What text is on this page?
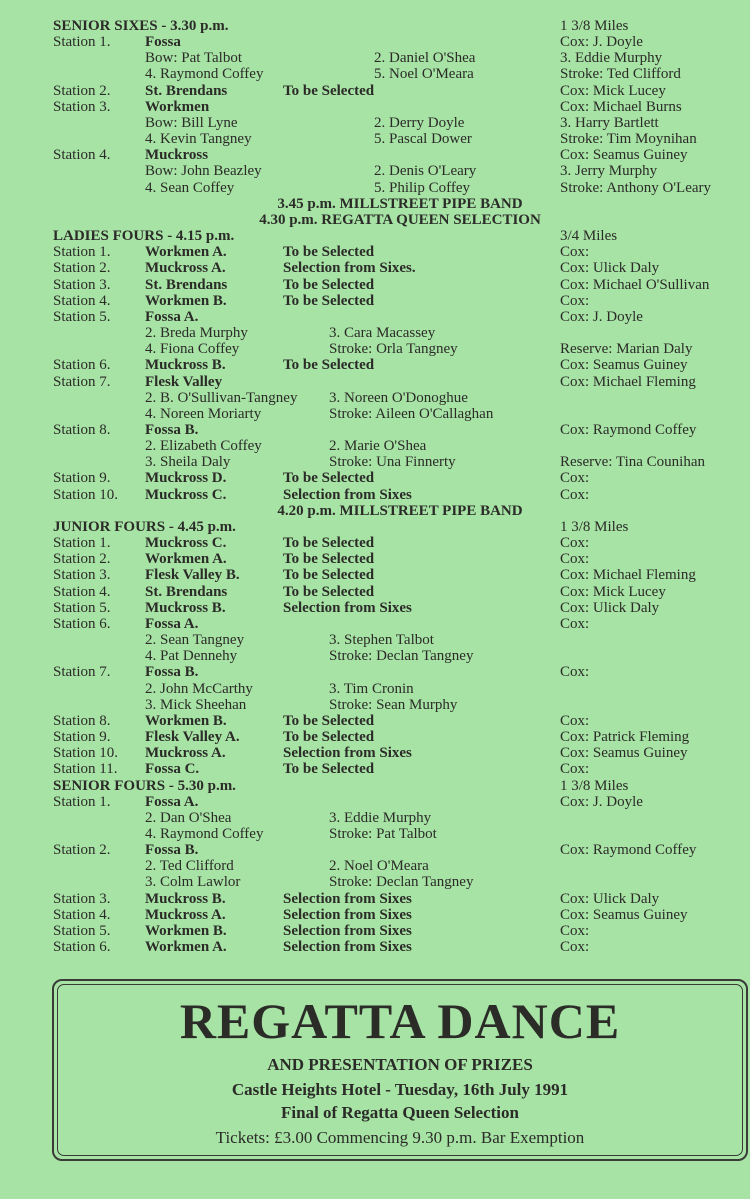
SENIOR SIXES - 3.30 p.m.	1 3/8 Miles
Station 1. Fossa	Cox: J. Doyle
Bow: Pat Talbot	2. Daniel O'Shea	3. Eddie Murphy
4. Raymond Coffey	5. Noel O'Meara	Stroke: Ted Clifford
Station 2. St. Brendans	To be Selected	Cox: Mick Lucey
Station 3. Workmen	Cox: Michael Burns
Bow: Bill Lyne	2. Derry Doyle	3. Harry Bartlett
4. Kevin Tangney	5. Pascal Dower	Stroke: Tim Moynihan
Station 4. Muckross	Cox: Seamus Guiney
Bow: John Beazley	2. Denis O'Leary	3. Jerry Murphy
4. Sean Coffey	5. Philip Coffey	Stroke: Anthony O'Leary
3.45 p.m. MILLSTREET PIPE BAND
4.30 p.m. REGATTA QUEEN SELECTION
LADIES FOURS - 4.15 p.m.	3/4 Miles
Station 1. Workmen A.	To be Selected	Cox:
Station 2. Muckross A.	Selection from Sixes.	Cox: Ulick Daly
Station 3. St. Brendans	To be Selected	Cox: Michael O'Sullivan
Station 4. Workmen B.	To be Selected	Cox:
Station 5. Fossa A.	Cox: J. Doyle
2. Breda Murphy	3. Cara Macassey
4. Fiona Coffey	Stroke: Orla Tangney	Reserve: Marian Daly
Station 6. Muckross B.	To be Selected	Cox: Seamus Guiney
Station 7. Flesk Valley	Cox: Michael Fleming
2. B. O'Sullivan-Tangney 3. Noreen O'Donoghue
4. Noreen Moriarty	Stroke: Aileen O'Callaghan
Station 8. Fossa B.	Cox: Raymond Coffey
2. Elizabeth Coffey	2. Marie O'Shea
3. Sheila Daly	Stroke: Una Finnerty	Reserve: Tina Counihan
Station 9. Muckross D.	To be Selected	Cox:
Station 10. Muckross C.	Selection from Sixes	Cox:
4.20 p.m. MILLSTREET PIPE BAND
JUNIOR FOURS - 4.45 p.m.	1 3/8 Miles
Station 1. Muckross C.	To be Selected	Cox:
Station 2. Workmen A.	To be Selected	Cox:
Station 3. Flesk Valley B.	To be Selected	Cox: Michael Fleming
Station 4. St. Brendans	To be Selected	Cox: Mick Lucey
Station 5. Muckross B.	Selection from Sixes	Cox: Ulick Daly
Station 6. Fossa A.	Cox:
2. Sean Tangney	3. Stephen Talbot
4. Pat Dennehy	Stroke: Declan Tangney
Station 7. Fossa B.	Cox:
2. John McCarthy	3. Tim Cronin
3. Mick Sheehan	Stroke: Sean Murphy
Station 8. Workmen B.	To be Selected	Cox:
Station 9. Flesk Valley A.	To be Selected	Cox: Patrick Fleming
Station 10. Muckross A.	Selection from Sixes	Cox: Seamus Guiney
Station 11. Fossa C.	To be Selected	Cox:
SENIOR FOURS - 5.30 p.m.	1 3/8 Miles
Station 1. Fossa A.	Cox: J. Doyle
2. Dan O'Shea	3. Eddie Murphy
4. Raymond Coffey	Stroke: Pat Talbot
Station 2. Fossa B.	Cox: Raymond Coffey
2. Ted Clifford	2. Noel O'Meara
3. Colm Lawlor	Stroke: Declan Tangney
Station 3. Muckross B.	Selection from Sixes	Cox: Ulick Daly
Station 4. Muckross A.	Selection from Sixes	Cox: Seamus Guiney
Station 5. Workmen B.	Selection from Sixes	Cox:
Station 6. Workmen A.	Selection from Sixes	Cox:
REGATTA DANCE
AND PRESENTATION OF PRIZES
Castle Heights Hotel - Tuesday, 16th July 1991
Final of Regatta Queen Selection
Tickets: £3.00 Commencing 9.30 p.m. Bar Exemption
